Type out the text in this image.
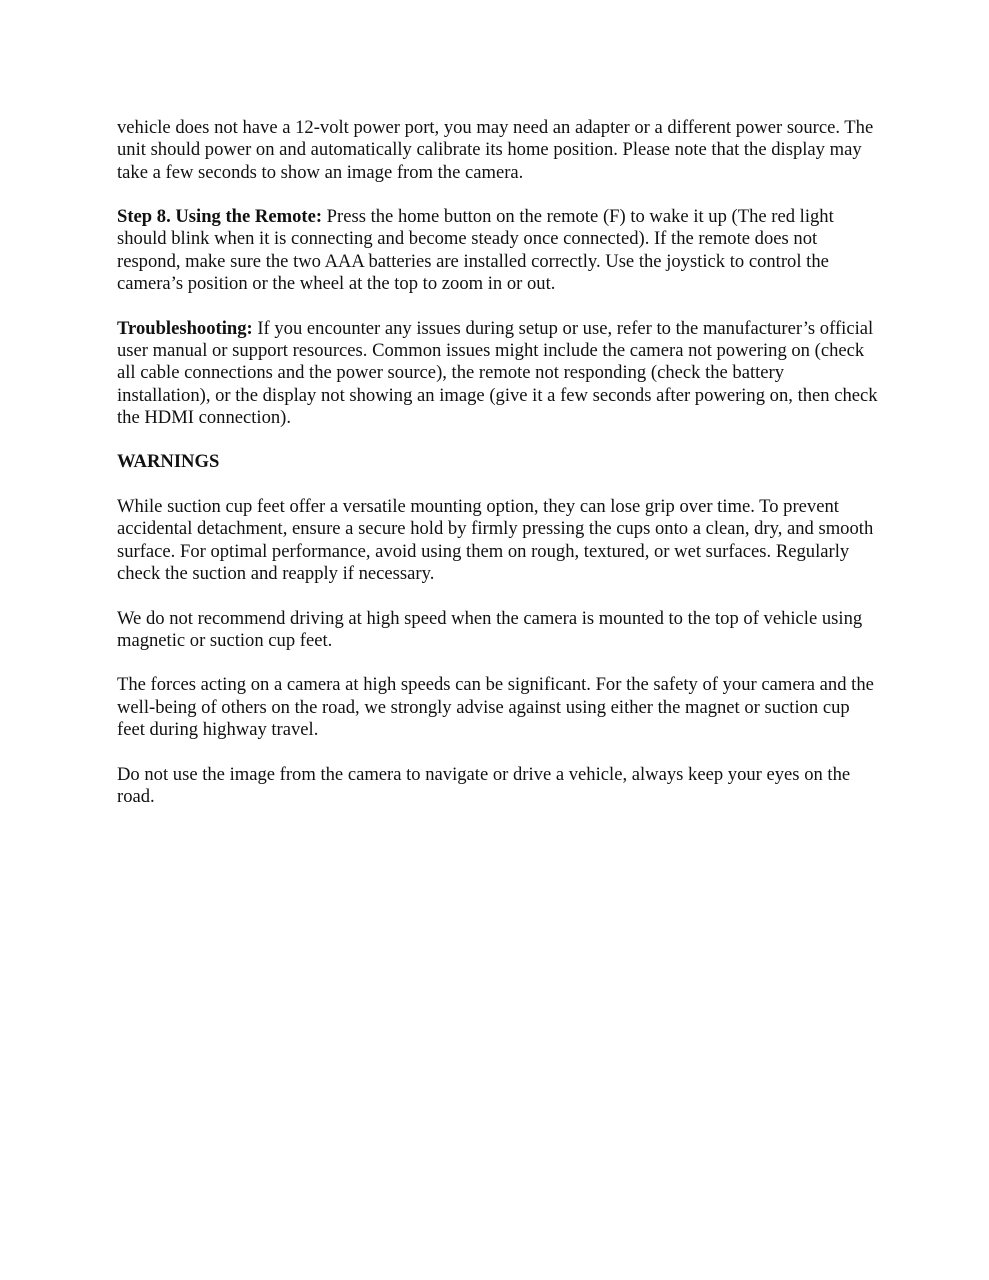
vehicle does not have a 12-volt power port, you may need an adapter or a different power source. The unit should power on and automatically calibrate its home position. Please note that the display may take a few seconds to show an image from the camera.

Step 8. Using the Remote: Press the home button on the remote (F) to wake it up (The red light should blink when it is connecting and become steady once connected). If the remote does not respond, make sure the two AAA batteries are installed correctly. Use the joystick to control the camera’s position or the wheel at the top to zoom in or out.

Troubleshooting: If you encounter any issues during setup or use, refer to the manufacturer’s official user manual or support resources. Common issues might include the camera not powering on (check all cable connections and the power source), the remote not responding (check the battery installation), or the display not showing an image (give it a few seconds after powering on, then check the HDMI connection).

WARNINGS

While suction cup feet offer a versatile mounting option, they can lose grip over time. To prevent accidental detachment, ensure a secure hold by firmly pressing the cups onto a clean, dry, and smooth surface. For optimal performance, avoid using them on rough, textured, or wet surfaces. Regularly check the suction and reapply if necessary.

We do not recommend driving at high speed when the camera is mounted to the top of vehicle using magnetic or suction cup feet.

The forces acting on a camera at high speeds can be significant. For the safety of your camera and the well-being of others on the road, we strongly advise against using either the magnet or suction cup feet during highway travel.

Do not use the image from the camera to navigate or drive a vehicle, always keep your eyes on the road.
